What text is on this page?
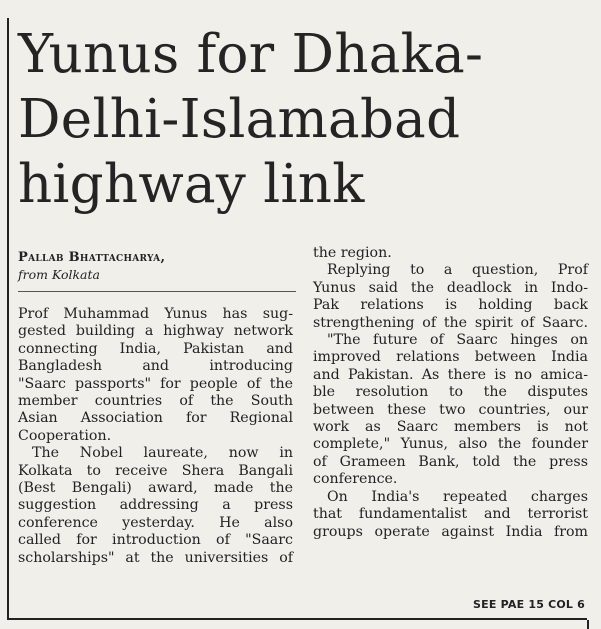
Yunus for Dhaka-
Delhi-Islamabad
highway link
Pallab Bhattacharya,
from Kolkata
Prof Muhammad Yunus has sug-
gested building a highway network
connecting India, Pakistan and
Bangladesh and introducing
"Saarc passports" for people of the
member countries of the South
Asian Association for Regional
Cooperation.
The Nobel laureate, now in
Kolkata to receive Shera Bangali
(Best Bengali) award, made the
suggestion addressing a press
conference yesterday. He also
called for introduction of "Saarc
scholarships" at the universities of
the region.
Replying to a question, Prof
Yunus said the deadlock in Indo-
Pak relations is holding back
strengthening of the spirit of Saarc.
"The future of Saarc hinges on
improved relations between India
and Pakistan. As there is no amica-
ble resolution to the disputes
between these two countries, our
work as Saarc members is not
complete," Yunus, also the founder
of Grameen Bank, told the press
conference.
On India's repeated charges
that fundamentalist and terrorist
groups operate against India from
SEE PAE 15 COL 6
